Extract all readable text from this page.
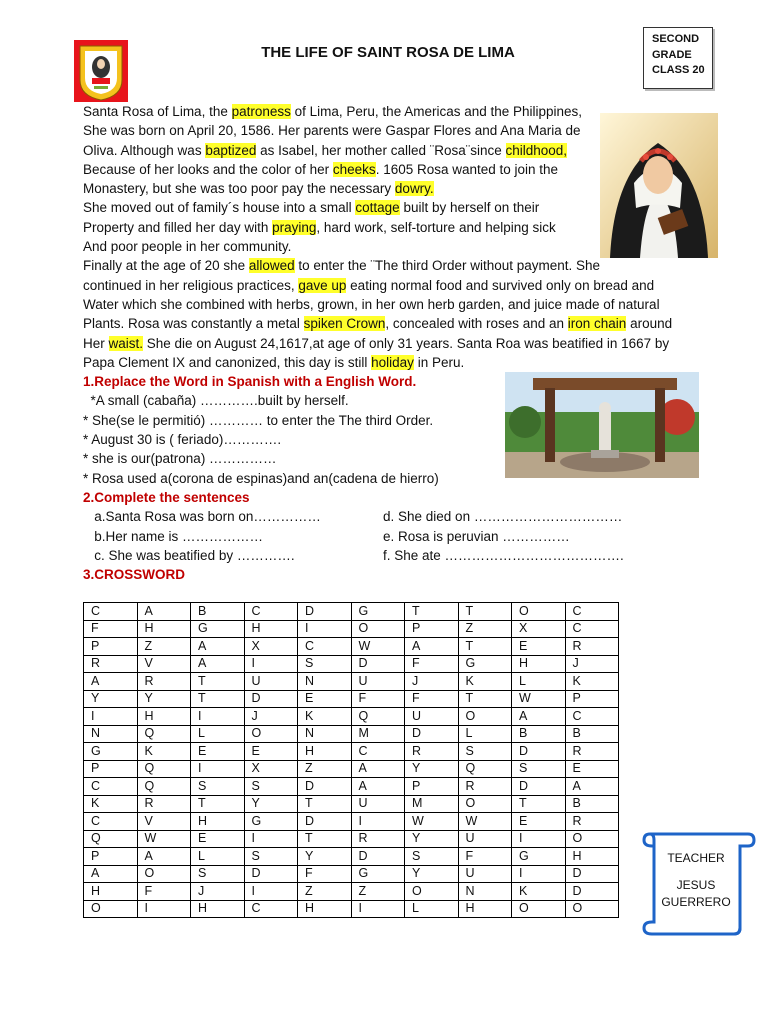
THE LIFE OF SAINT ROSA DE LIMA
SECOND
GRADE
CLASS 20

Santa Rosa of Lima, the patroness of Lima, Peru, the Americas and the Philippines,

She was born on April 20, 1586. Her parents were Gaspar Flores and Ana Maria de

Oliva. Although was baptized as Isabel, her mother called ¨Rosa¨since childhood,

Because of her looks and the color of her cheeks. 1605 Rosa wanted to join the

Monastery, but she was too poor pay the necessary dowry.

She moved out of family´s house into a small cottage built by herself on their

Property and filled her day with praying, hard work, self-torture and helping sick

And poor people in her community.

Finally at the age of 20 she allowed to enter the ¨The third Order without payment. She

continued in her religious practices, gave up eating normal food and survived only on bread and

Water which she combined with herbs, grown, in her own herb garden, and juice made of natural

Plants. Rosa was constantly a metal spiken Crown, concealed with roses and an iron chain around

Her waist. She die on August 24,1617,at age of only 31 years. Santa Roa was beatified in 1667 by

Papa Clement IX and canonized, this day is still holiday in Peru.

1.Replace the Word in Spanish with a English Word.

*A small (cabaña) ………….built by herself.

* She(se le permitió) ………… to enter the The third Order.

* August 30 is ( feriado)………….

* she is our(patrona) ……………

* Rosa used a(corona de espinas)and an(cadena de hierro)

2.Complete the sentences

a.Santa Rosa was born on……………	d. She died on ……………………………

b.Her name is ………………	e. Rosa is peruvian ……………

c. She was beatified by ………….	f. She ate ………………………………….

3.CROSSWORD

C	A	B	C	D	G	T	T	O	C
F	H	G	H	I	O	P	Z	X	C
P	Z	A	X	C	W	A	T	E	R
R	V	A	I	S	D	F	G	H	J
A	R	T	U	N	U	J	K	L	K
Y	Y	T	D	E	F	F	T	W	P
I	H	I	J	K	Q	U	O	A	C
N	Q	L	O	N	M	D	L	B	B
G	K	E	E	H	C	R	S	D	R
P	Q	I	X	Z	A	Y	Q	S	E
C	Q	S	S	D	A	P	R	D	A
K	R	T	Y	T	U	M	O	T	B
C	V	H	G	D	I	W	W	E	R
Q	W	E	I	T	R	Y	U	I	O
P	A	L	S	Y	D	S	F	G	H
A	O	S	D	F	G	Y	U	I	D
H	F	J	I	Z	Z	O	N	K	D
O	I	H	C	H	I	L	H	O	O
TEACHER
JESUS
GUERRERO
